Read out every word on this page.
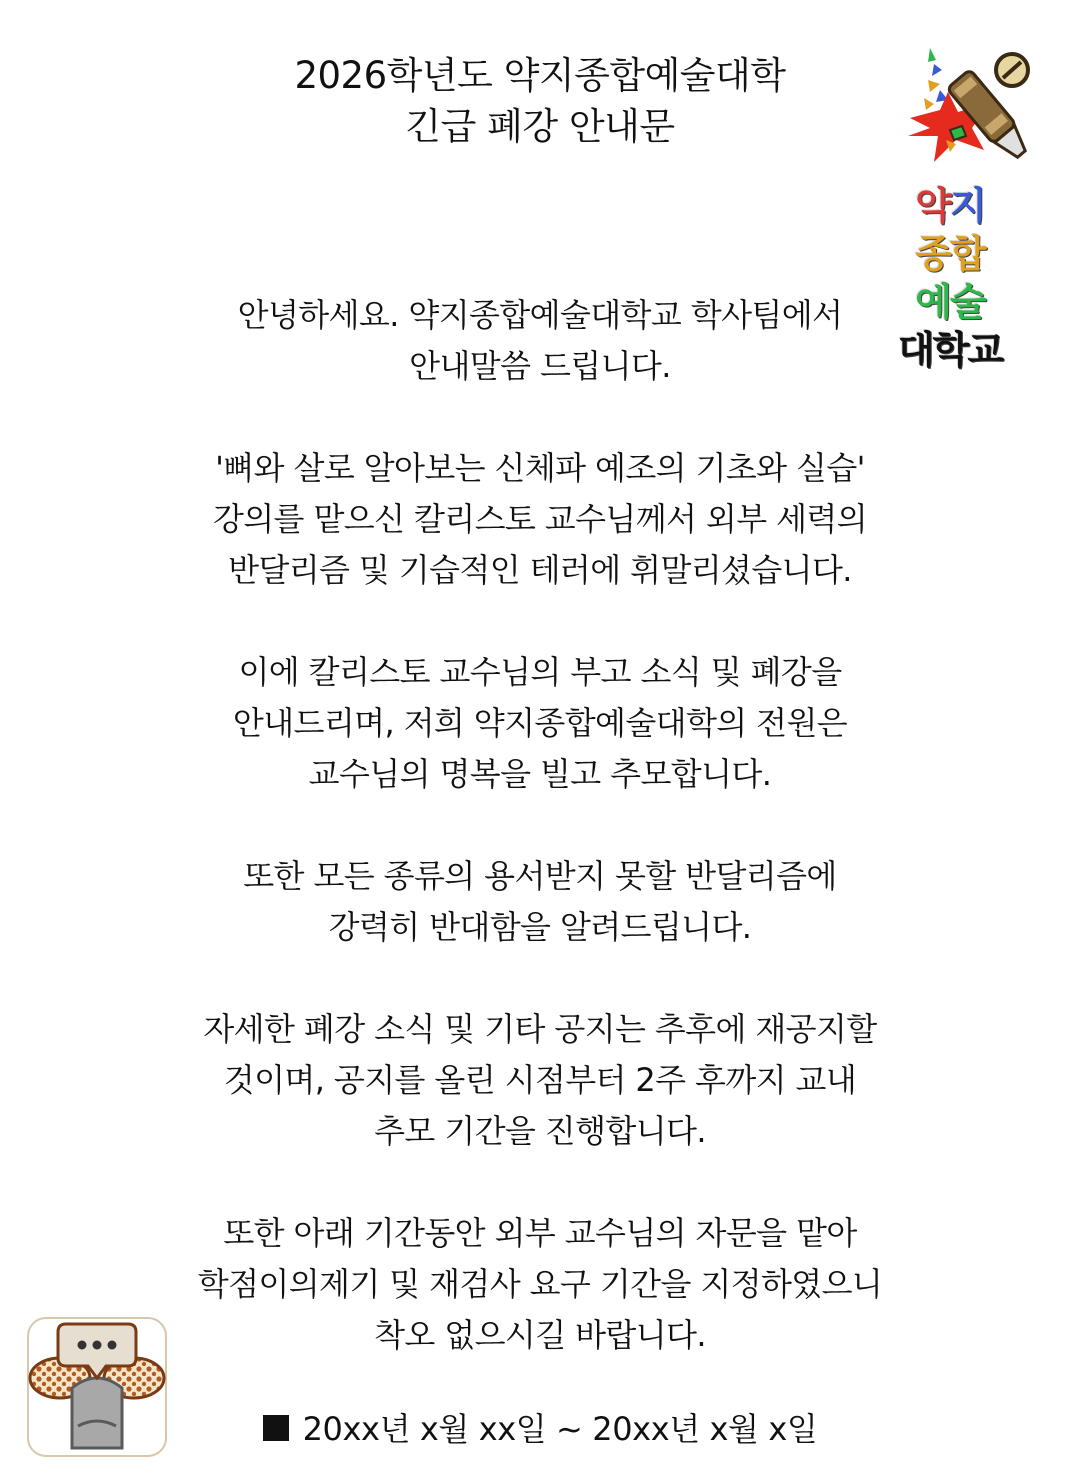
2026학년도 약지종합예술대학
긴급 폐강 안내문
약지
종합
예술
대학교
안녕하세요. 약지종합예술대학교 학사팀에서
안내말씀 드립니다.
'뼈와 살로 알아보는 신체파 예조의 기초와 실습'
강의를 맡으신 칼리스토 교수님께서 외부 세력의
반달리즘 및 기습적인 테러에 휘말리셨습니다.
이에 칼리스토 교수님의 부고 소식 및 폐강을
안내드리며, 저희 약지종합예술대학의 전원은
교수님의 명복을 빌고 추모합니다.
또한 모든 종류의 용서받지 못할 반달리즘에
강력히 반대함을 알려드립니다.
자세한 폐강 소식 및 기타 공지는 추후에 재공지할
것이며, 공지를 올린 시점부터 2주 후까지 교내
추모 기간을 진행합니다.
또한 아래 기간동안 외부 교수님의 자문을 맡아
학점이의제기 및 재검사 요구 기간을 지정하였으니
착오 없으시길 바랍니다.
20xx년 x월 xx일 ~ 20xx년 x월 x일
